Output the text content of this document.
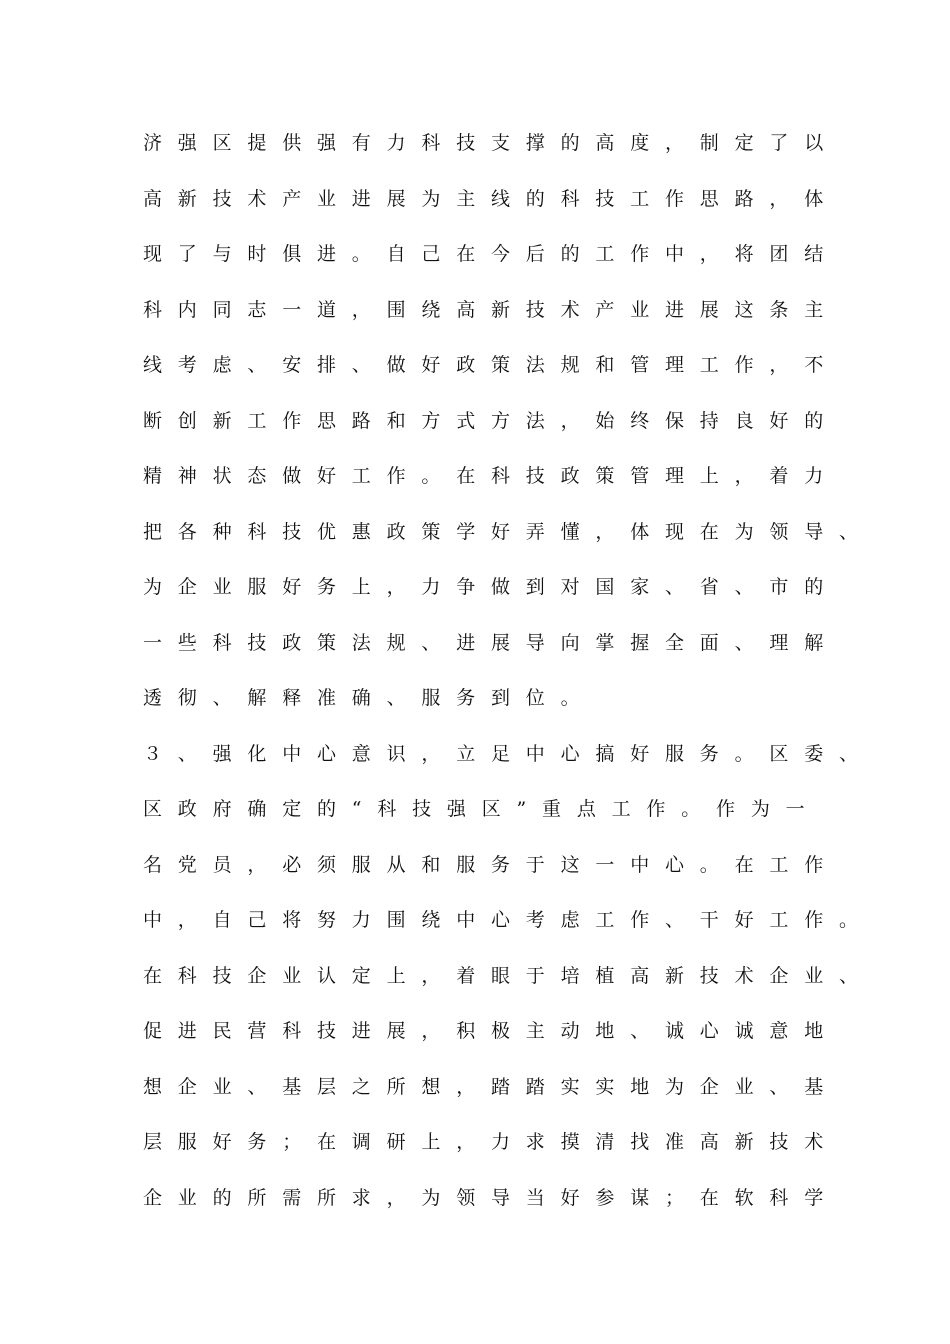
济强区提供强有力科技支撑的高度，制定了以
高新技术产业进展为主线的科技工作思路，体
现了与时俱进。自己在今后的工作中，将团结
科内同志一道，围绕高新技术产业进展这条主
线考虑、安排、做好政策法规和管理工作，不
断创新工作思路和方式方法，始终保持良好的
精神状态做好工作。在科技政策管理上，着力
把各种科技优惠政策学好弄懂，体现在为领导、
为企业服好务上，力争做到对国家、省、市的
一些科技政策法规、进展导向掌握全面、理解
透彻、解释准确、服务到位。
３、强化中心意识，立足中心搞好服务。区委、
区政府确定的“科技强区”重点工作。作为一
名党员，必须服从和服务于这一中心。在工作
中，自己将努力围绕中心考虑工作、干好工作。
在科技企业认定上，着眼于培植高新技术企业、
促进民营科技进展，积极主动地、诚心诚意地
想企业、基层之所想，踏踏实实地为企业、基
层服好务；在调研上，力求摸清找准高新技术
企业的所需所求，为领导当好参谋；在软科学
